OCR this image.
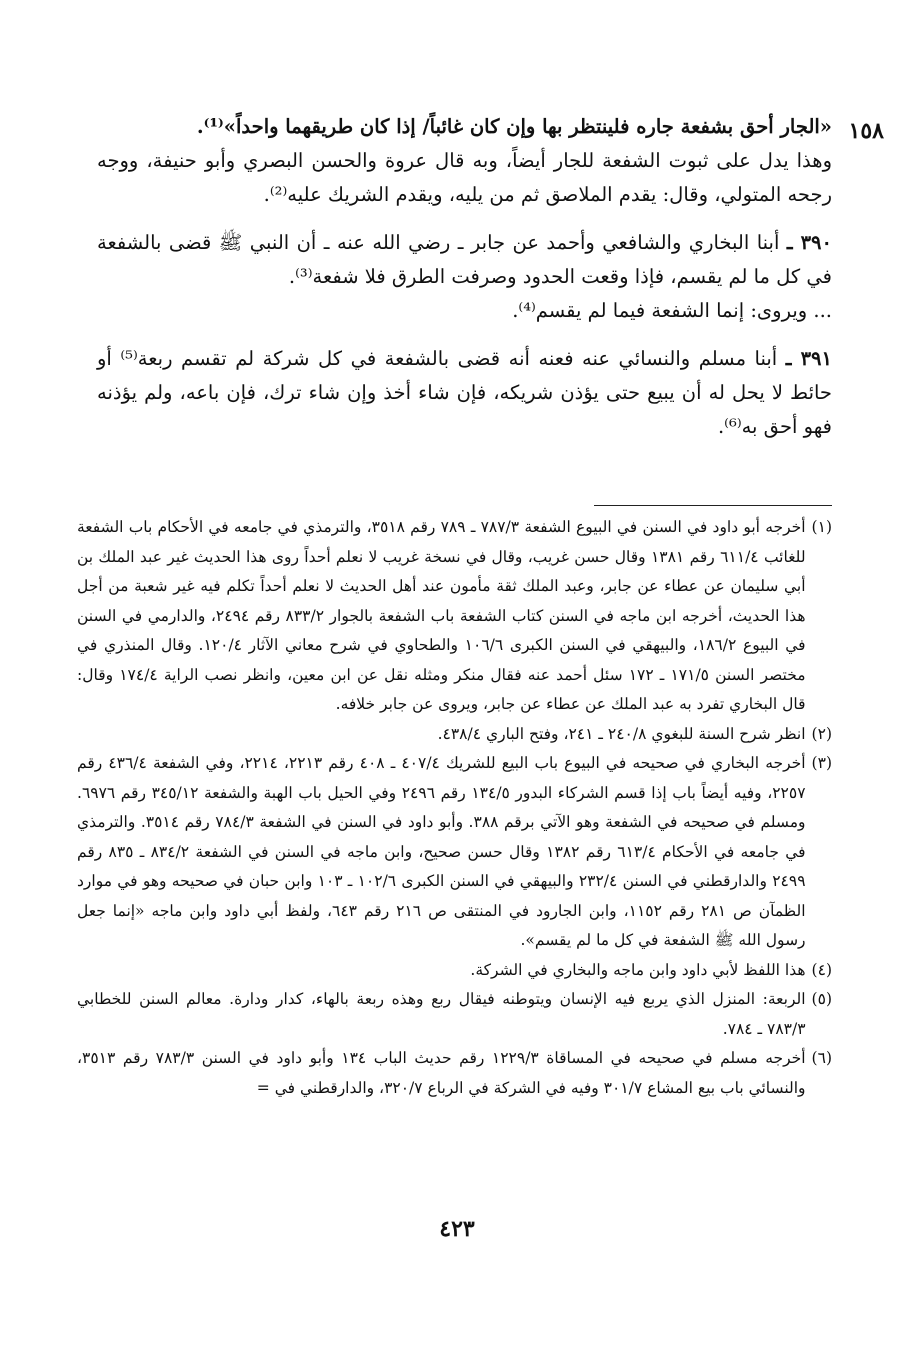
١٥٨

«الجار أحق بشفعة جاره فلينتظر بها وإن كان غائباً/ إذا كان طريقهما واحداً»⁽¹⁾.

وهذا يدل على ثبوت الشفعة للجار أيضاً، وبه قال عروة والحسن البصري وأبو حنيفة، ووجه رجحه المتولي، وقال: يقدم الملاصق ثم من يليه، ويقدم الشريك عليه⁽²⁾.

٣٩٠ ـ أبنا البخاري والشافعي وأحمد عن جابر ـ رضي الله عنه ـ أن النبي ﷺ قضى بالشفعة في كل ما لم يقسم، فإذا وقعت الحدود وصرفت الطرق فلا شفعة⁽³⁾.

... ويروى: إنما الشفعة فيما لم يقسم⁽⁴⁾.

٣٩١ ـ أبنا مسلم والنسائي عنه فعنه أنه قضى بالشفعة في كل شركة لم تقسم ربعة⁽⁵⁾ أو حائط لا يحل له أن يبيع حتى يؤذن شريكه، فإن شاء أخذ وإن شاء ترك، فإن باعه، ولم يؤذنه فهو أحق به⁽⁶⁾.

(١)
أخرجه أبو داود في السنن في البيوع الشفعة ٧٨٧/٣ ـ ٧٨٩ رقم ٣٥١٨، والترمذي في جامعه في الأحكام باب الشفعة للغائب ٦١١/٤ رقم ١٣٨١ وقال حسن غريب، وقال في نسخة غريب لا نعلم أحداً روى هذا الحديث غير عبد الملك بن أبي سليمان عن عطاء عن جابر، وعبد الملك ثقة مأمون عند أهل الحديث لا نعلم أحداً تكلم فيه غير شعبة من أجل هذا الحديث، أخرجه ابن ماجه في السنن كتاب الشفعة باب الشفعة بالجوار ٨٣٣/٢ رقم ٢٤٩٤، والدارمي في السنن في البيوع ١٨٦/٢، والبيهقي في السنن الكبرى ١٠٦/٦ والطحاوي في شرح معاني الآثار ١٢٠/٤. وقال المنذري في مختصر السنن ١٧١/٥ ـ ١٧٢ سئل أحمد عنه فقال منكر ومثله نقل عن ابن معين، وانظر نصب الراية ١٧٤/٤ وقال: قال البخاري تفرد به عبد الملك عن عطاء عن جابر، ويروى عن جابر خلافه.
(٢)
انظر شرح السنة للبغوي ٢٤٠/٨ ـ ٢٤١، وفتح الباري ٤٣٨/٤.
(٣)
أخرجه البخاري في صحيحه في البيوع باب البيع للشريك ٤٠٧/٤ ـ ٤٠٨ رقم ٢٢١٣، ٢٢١٤، وفي الشفعة ٤٣٦/٤ رقم ٢٢٥٧، وفيه أيضاً باب إذا قسم الشركاء البدور ١٣٤/٥ رقم ٢٤٩٦ وفي الحيل باب الهبة والشفعة ٣٤٥/١٢ رقم ٦٩٧٦. ومسلم في صحيحه في الشفعة وهو الآتي برقم ٣٨٨. وأبو داود في السنن في الشفعة ٧٨٤/٣ رقم ٣٥١٤. والترمذي في جامعه في الأحكام ٦١٣/٤ رقم ١٣٨٢ وقال حسن صحيح، وابن ماجه في السنن في الشفعة ٨٣٤/٢ ـ ٨٣٥ رقم ٢٤٩٩ والدارقطني في السنن ٢٣٢/٤ والبيهقي في السنن الكبرى ١٠٢/٦ ـ ١٠٣ وابن حبان في صحيحه وهو في موارد الظمآن ص ٢٨١ رقم ١١٥٢، وابن الجارود في المنتقى ص ٢١٦ رقم ٦٤٣، ولفظ أبي داود وابن ماجه «إنما جعل رسول الله ﷺ الشفعة في كل ما لم يقسم».
(٤)
هذا اللفظ لأبي داود وابن ماجه والبخاري في الشركة.
(٥)
الربعة: المنزل الذي يربع فيه الإنسان ويتوطنه فيقال ربع وهذه ربعة بالهاء، كدار ودارة. معالم السنن للخطابي ٧٨٣/٣ ـ ٧٨٤.
(٦)
أخرجه مسلم في صحيحه في المساقاة ١٢٢٩/٣ رقم حديث الباب ١٣٤ وأبو داود في السنن ٧٨٣/٣ رقم ٣٥١٣، والنسائي باب بيع المشاع ٣٠١/٧ وفيه في الشركة في الرباع ٣٢٠/٧، والدارقطني في =
٤٢٣
